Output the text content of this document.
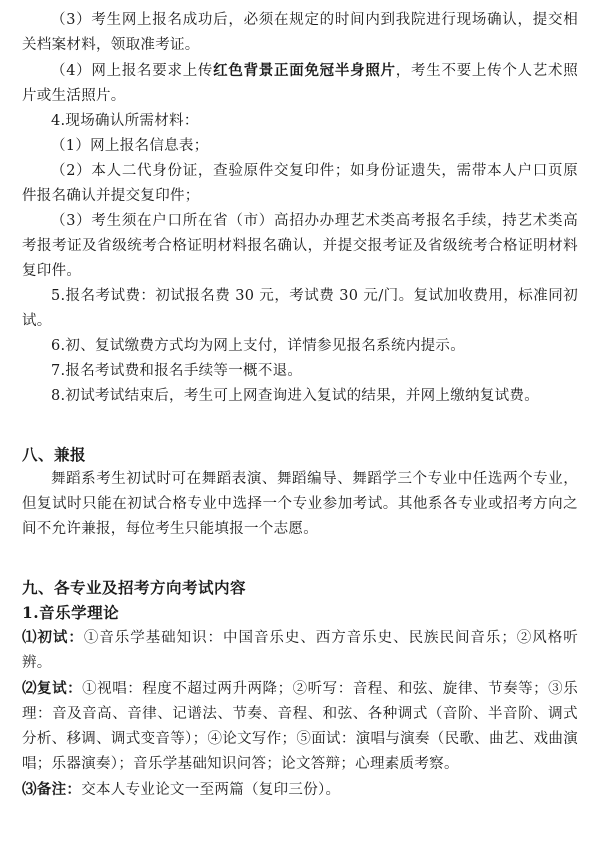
（3）考生网上报名成功后，必须在规定的时间内到我院进行现场确认，提交相关档案材料，领取准考证。

（4）网上报名要求上传红色背景正面免冠半身照片，考生不要上传个人艺术照片或生活照片。

4.现场确认所需材料：

（1）网上报名信息表；

（2）本人二代身份证，查验原件交复印件；如身份证遗失，需带本人户口页原件报名确认并提交复印件；

（3）考生须在户口所在省（市）高招办办理艺术类高考报名手续，持艺术类高考报考证及省级统考合格证明材料报名确认，并提交报考证及省级统考合格证明材料复印件。

5.报名考试费：初试报名费 30 元，考试费 30 元/门。复试加收费用，标准同初试。

6.初、复试缴费方式均为网上支付，详情参见报名系统内提示。

7.报名考试费和报名手续等一概不退。

8.初试考试结束后，考生可上网查询进入复试的结果，并网上缴纳复试费。

八、兼报

舞蹈系考生初试时可在舞蹈表演、舞蹈编导、舞蹈学三个专业中任选两个专业，但复试时只能在初试合格专业中选择一个专业参加考试。其他系各专业或招考方向之间不允许兼报，每位考生只能填报一个志愿。

九、各专业及招考方向考试内容

1.音乐学理论

⑴初试：①音乐学基础知识：中国音乐史、西方音乐史、民族民间音乐；②风格听辨。

⑵复试：①视唱：程度不超过两升两降；②听写：音程、和弦、旋律、节奏等；③乐理：音及音高、音律、记谱法、节奏、音程、和弦、各种调式（音阶、半音阶、调式分析、移调、调式变音等）；④论文写作；⑤面试：演唱与演奏（民歌、曲艺、戏曲演唱；乐器演奏）；音乐学基础知识问答；论文答辩；心理素质考察。

⑶备注：交本人专业论文一至两篇（复印三份）。
